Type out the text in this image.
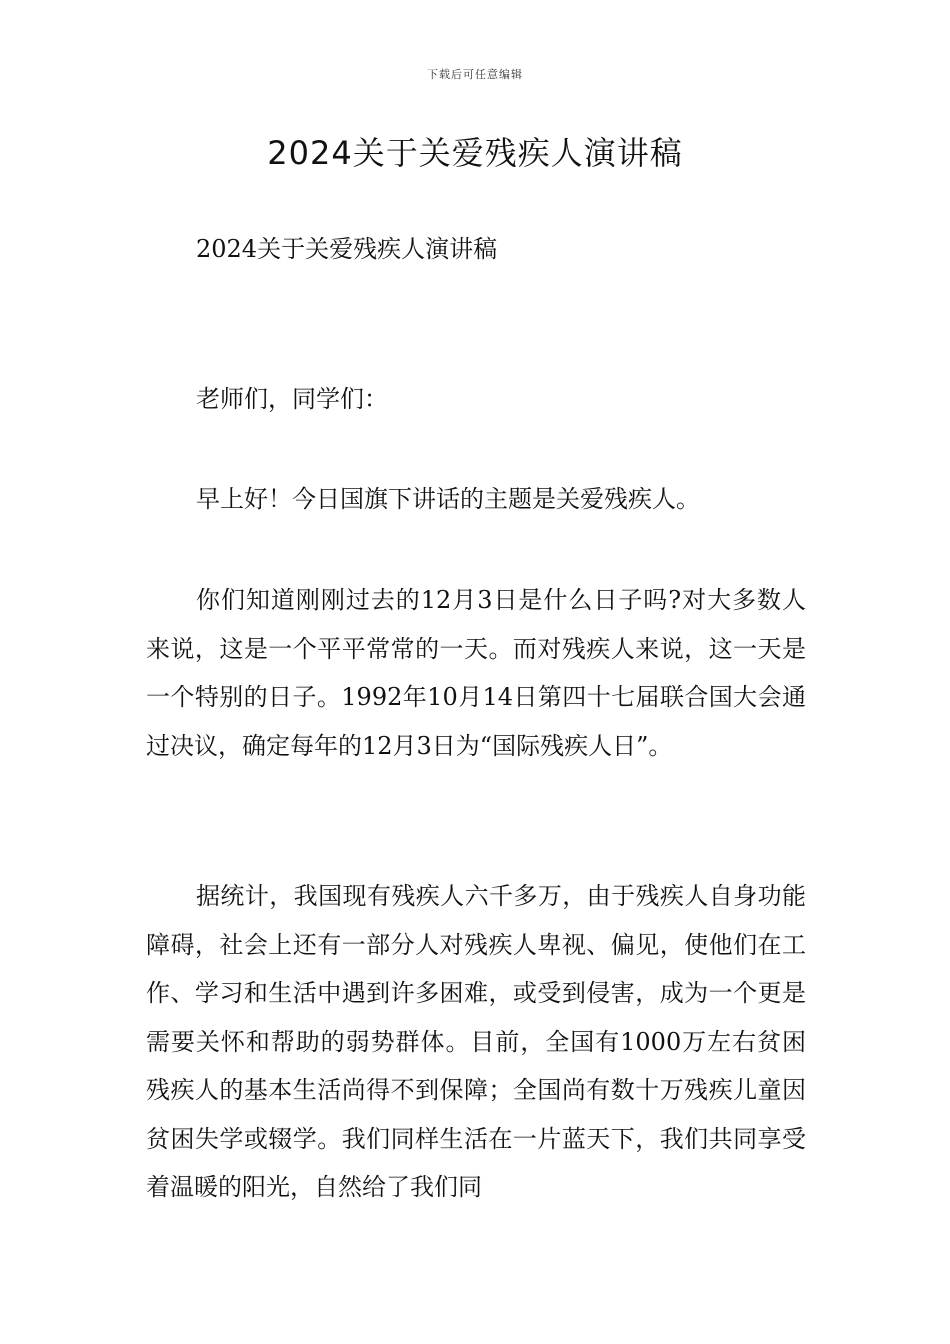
下载后可任意编辑
2024关于关爱残疾人演讲稿

2024关于关爱残疾人演讲稿

老师们，同学们：

早上好！今日国旗下讲话的主题是关爱残疾人。

你们知道刚刚过去的12月3日是什么日子吗?对大多数人来说，这是一个平平常常的一天。而对残疾人来说，这一天是一个特别的日子。1992年10月14日第四十七届联合国大会通过决议，确定每年的12月3日为“国际残疾人日”。

据统计，我国现有残疾人六千多万，由于残疾人自身功能障碍，社会上还有一部分人对残疾人卑视、偏见，使他们在工作、学习和生活中遇到许多困难，或受到侵害，成为一个更是需要关怀和帮助的弱势群体。目前，全国有1000万左右贫困残疾人的基本生活尚得不到保障；全国尚有数十万残疾儿童因贫困失学或辍学。我们同样生活在一片蓝天下，我们共同享受着温暖的阳光，自然给了我们同
